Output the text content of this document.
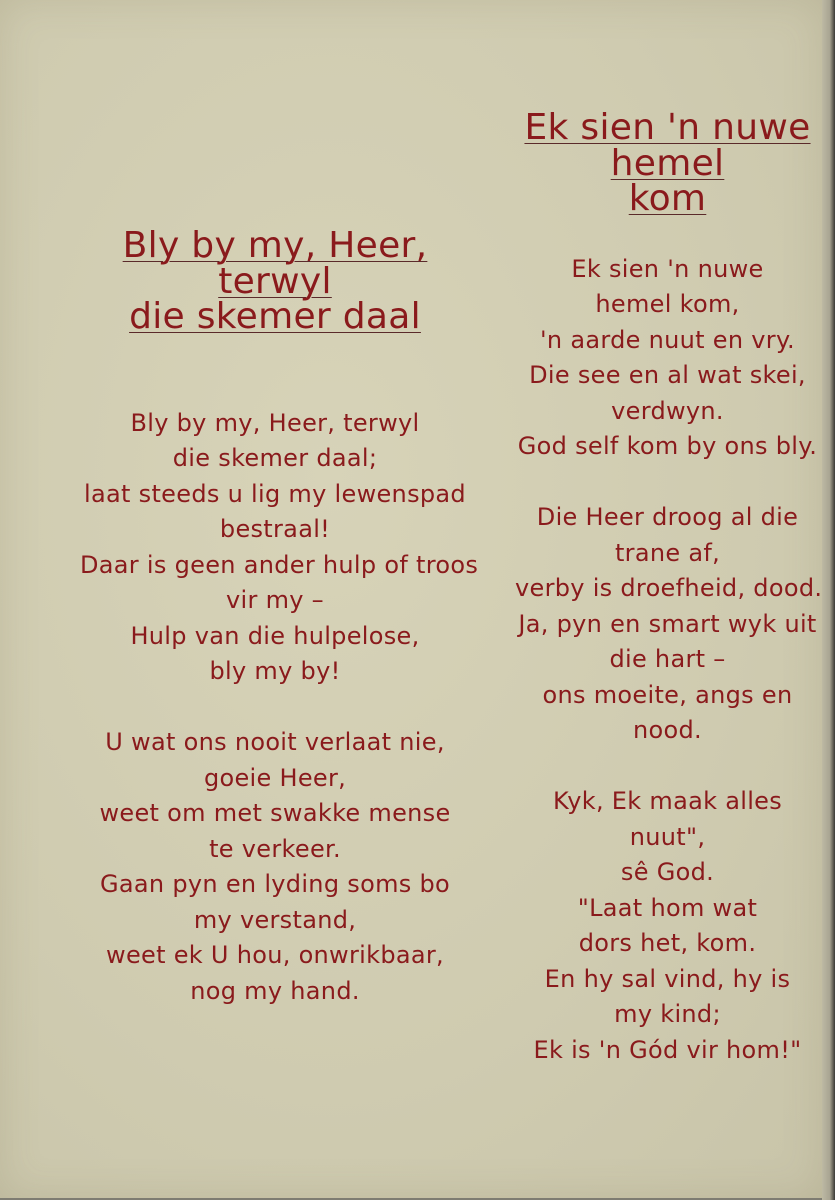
Bly by my, Heer, terwyl
die skemer daal
Bly by my, Heer, terwyl
die skemer daal;
laat steeds u lig my lewenspad
bestraal!
Daar is geen ander hulp of troos
vir my –
Hulp van die hulpelose,
bly my by!
U wat ons nooit verlaat nie,
goeie Heer,
weet om met swakke mense
te verkeer.
Gaan pyn en lyding soms bo
my verstand,
weet ek U hou, onwrikbaar,
nog my hand.
Ek sien 'n nuwe hemel
kom
Ek sien 'n nuwe
hemel kom,
'n aarde nuut en vry.
Die see en al wat skei,
verdwyn.
God self kom by ons bly.
Die Heer droog al die
trane af,
verby is droefheid, dood.
Ja, pyn en smart wyk uit
die hart –
ons moeite, angs en
nood.
Kyk, Ek maak alles
nuut",
sê God.
"Laat hom wat
dors het, kom.
En hy sal vind, hy is
my kind;
Ek is 'n Gód vir hom!"
